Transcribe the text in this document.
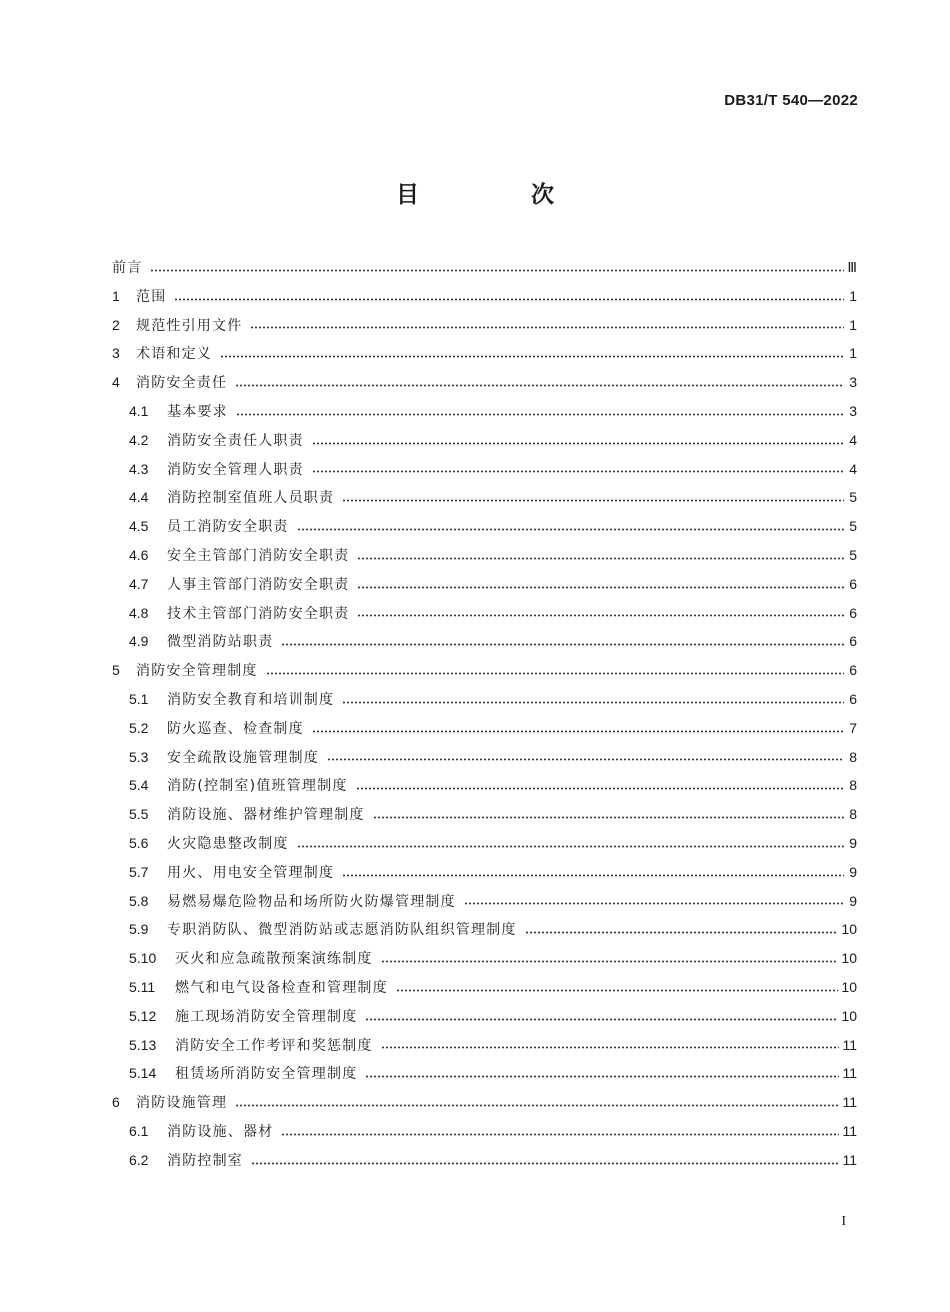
DB31/T 540—2022
目 次
前言	Ⅲ
1	范围	1
2	规范性引用文件	1
3	术语和定义	1
4	消防安全责任	3
4.1	基本要求	3
4.2	消防安全责任人职责	4
4.3	消防安全管理人职责	4
4.4	消防控制室值班人员职责	5
4.5	员工消防安全职责	5
4.6	安全主管部门消防安全职责	5
4.7	人事主管部门消防安全职责	6
4.8	技术主管部门消防安全职责	6
4.9	微型消防站职责	6
5	消防安全管理制度	6
5.1	消防安全教育和培训制度	6
5.2	防火巡查、检查制度	7
5.3	安全疏散设施管理制度	8
5.4	消防(控制室)值班管理制度	8
5.5	消防设施、器材维护管理制度	8
5.6	火灾隐患整改制度	9
5.7	用火、用电安全管理制度	9
5.8	易燃易爆危险物品和场所防火防爆管理制度	9
5.9	专职消防队、微型消防站或志愿消防队组织管理制度	10
5.10	灭火和应急疏散预案演练制度	10
5.11	燃气和电气设备检查和管理制度	10
5.12	施工现场消防安全管理制度	10
5.13	消防安全工作考评和奖惩制度	11
5.14	租赁场所消防安全管理制度	11
6	消防设施管理	11
6.1	消防设施、器材	11
6.2	消防控制室	11
I
